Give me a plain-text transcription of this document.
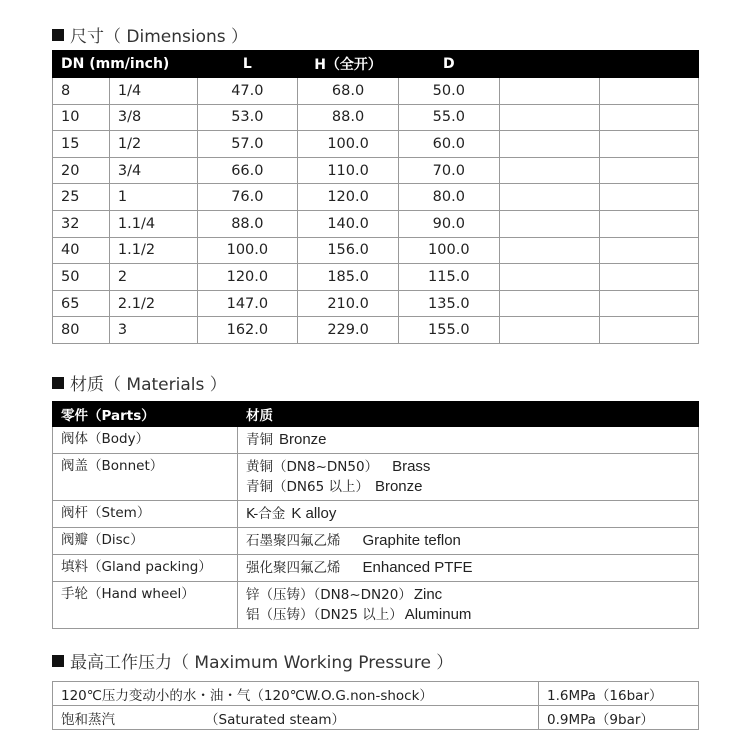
尺寸（ Dimensions ）
DN (mm/inch)		L	H（全开）	D		
8	1/4	47.0	68.0	50.0		
10	3/8	53.0	88.0	55.0		
15	1/2	57.0	100.0	60.0		
20	3/4	66.0	110.0	70.0		
25	1	76.0	120.0	80.0		
32	1.1/4	88.0	140.0	90.0		
40	1.1/2	100.0	156.0	100.0		
50	2	120.0	185.0	115.0		
65	2.1/2	147.0	210.0	135.0		
80	3	162.0	229.0	155.0		
材质（ Materials ）
零件（Parts）	材质
阀体（Body）	青铜 Bronze

阀盖（Bonnet）	黄铜（DN8~DN50） Brass
青铜（DN65 以上） Bronze

阀杆（Stem）	K-合金 K alloy

阀瓣（Disc）	石墨聚四氟乙烯 Graphite teflon

填料（Gland packing）	强化聚四氟乙烯 Enhanced PTFE

手轮（Hand wheel）	锌（压铸）（DN8~DN20） Zinc
铝（压铸）（DN25 以上） Aluminum
最高工作压力（ Maximum Working Pressure ）
120℃压力变动小的水・油・气（120℃W.O.G.non-shock）	1.6MPa（16bar）
饱和蒸汽 （Saturated steam）	0.9MPa（9bar）
